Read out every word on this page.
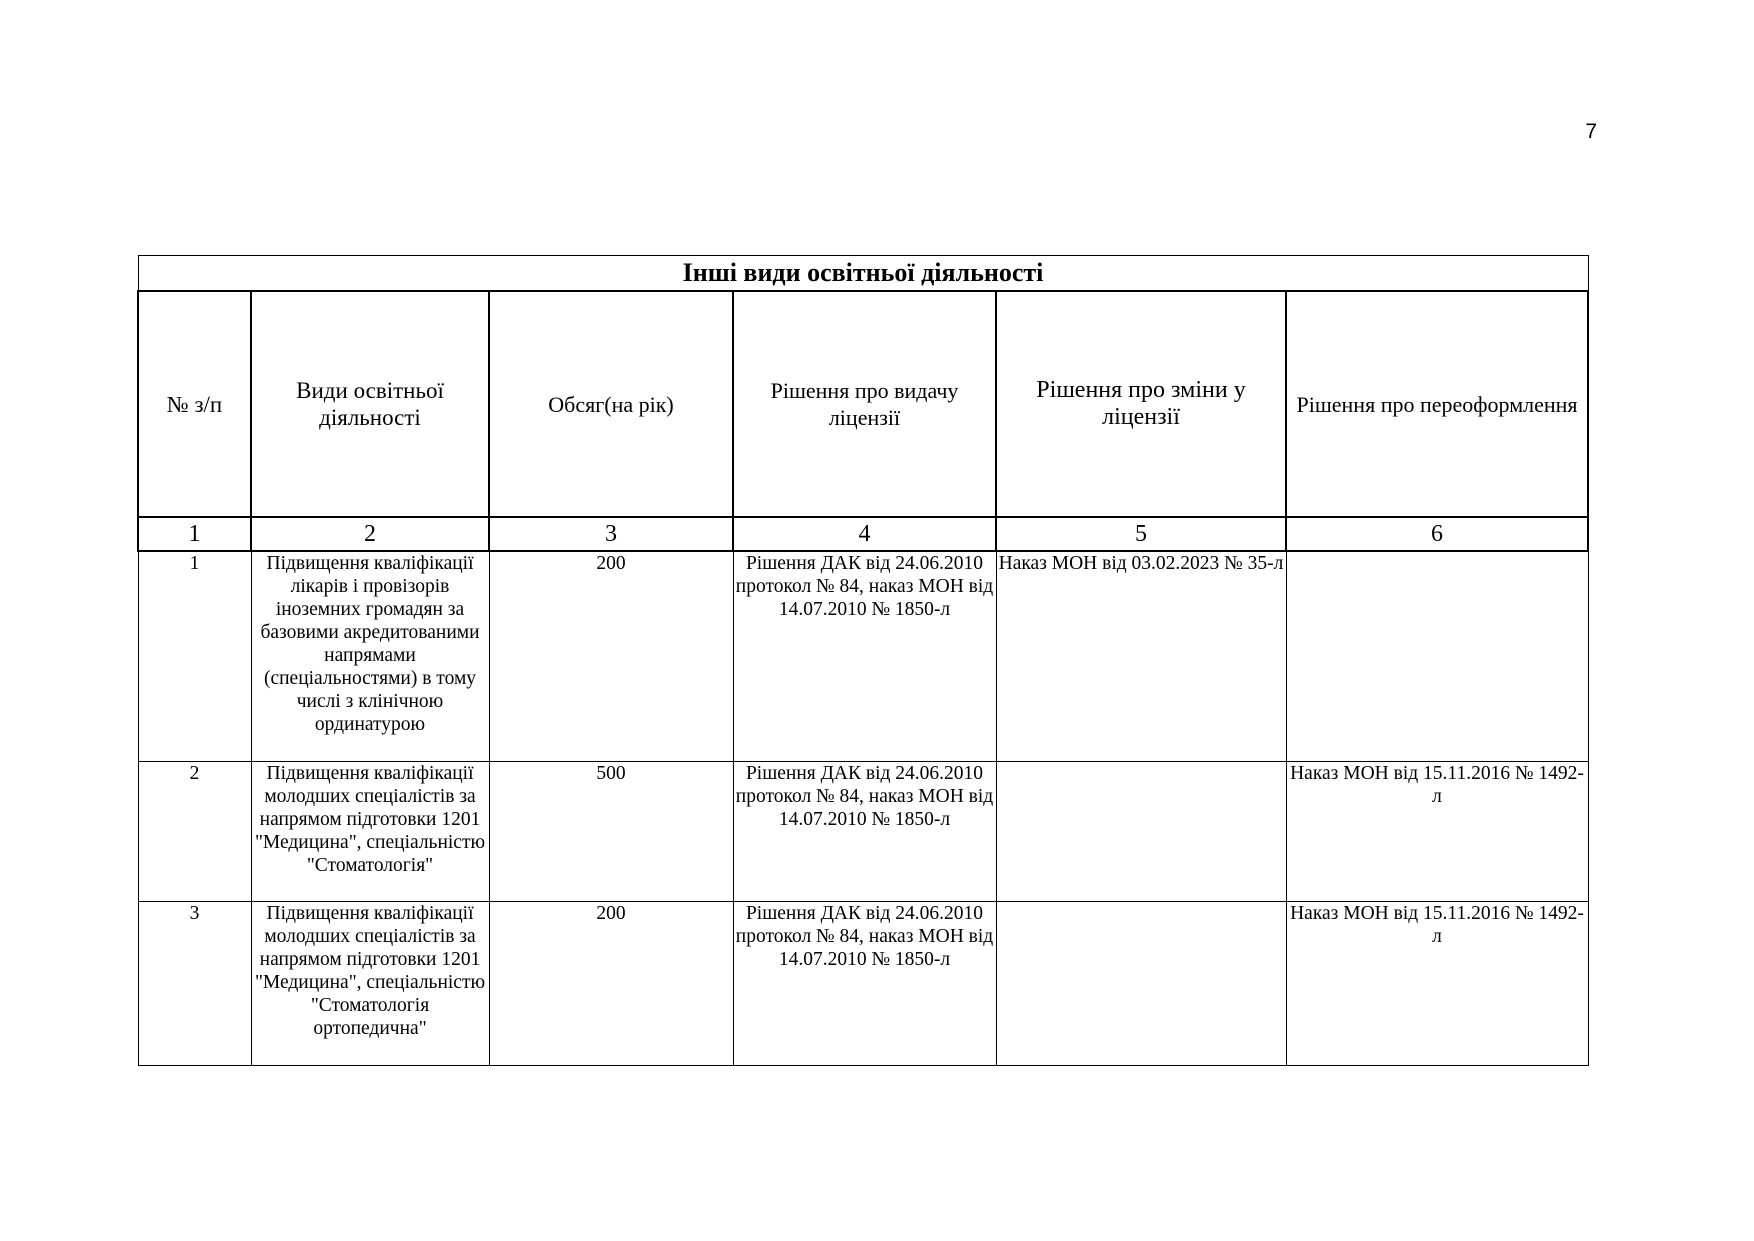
7
Інші види освітньої діяльності					
№ з/п	Види освітньої діяльності	Обсяг(на рік)	Рішення про видачу ліцензії	Рішення про зміни у ліцензії	Рішення про переоформлення
1	2	3	4	5	6
1	Підвищення кваліфікації лікарів і провізорів іноземних громадян за базовими акредитованими напрямами (спеціальностями) в тому числі з клінічною ординатурою	200	Рішення ДАК від 24.06.2010 протокол № 84, наказ МОН від 14.07.2010 № 1850-л	Наказ МОН від 03.02.2023 № 35-л	
2	Підвищення кваліфікації молодших спеціалістів за напрямом підготовки 1201 "Медицина", спеціальністю "Стоматологія"	500	Рішення ДАК від 24.06.2010 протокол № 84, наказ МОН від 14.07.2010 № 1850-л		Наказ МОН від 15.11.2016 № 1492-л
3	Підвищення кваліфікації молодших спеціалістів за напрямом підготовки 1201 "Медицина", спеціальністю "Стоматологія ортопедична"	200	Рішення ДАК від 24.06.2010 протокол № 84, наказ МОН від 14.07.2010 № 1850-л		Наказ МОН від 15.11.2016 № 1492-л
